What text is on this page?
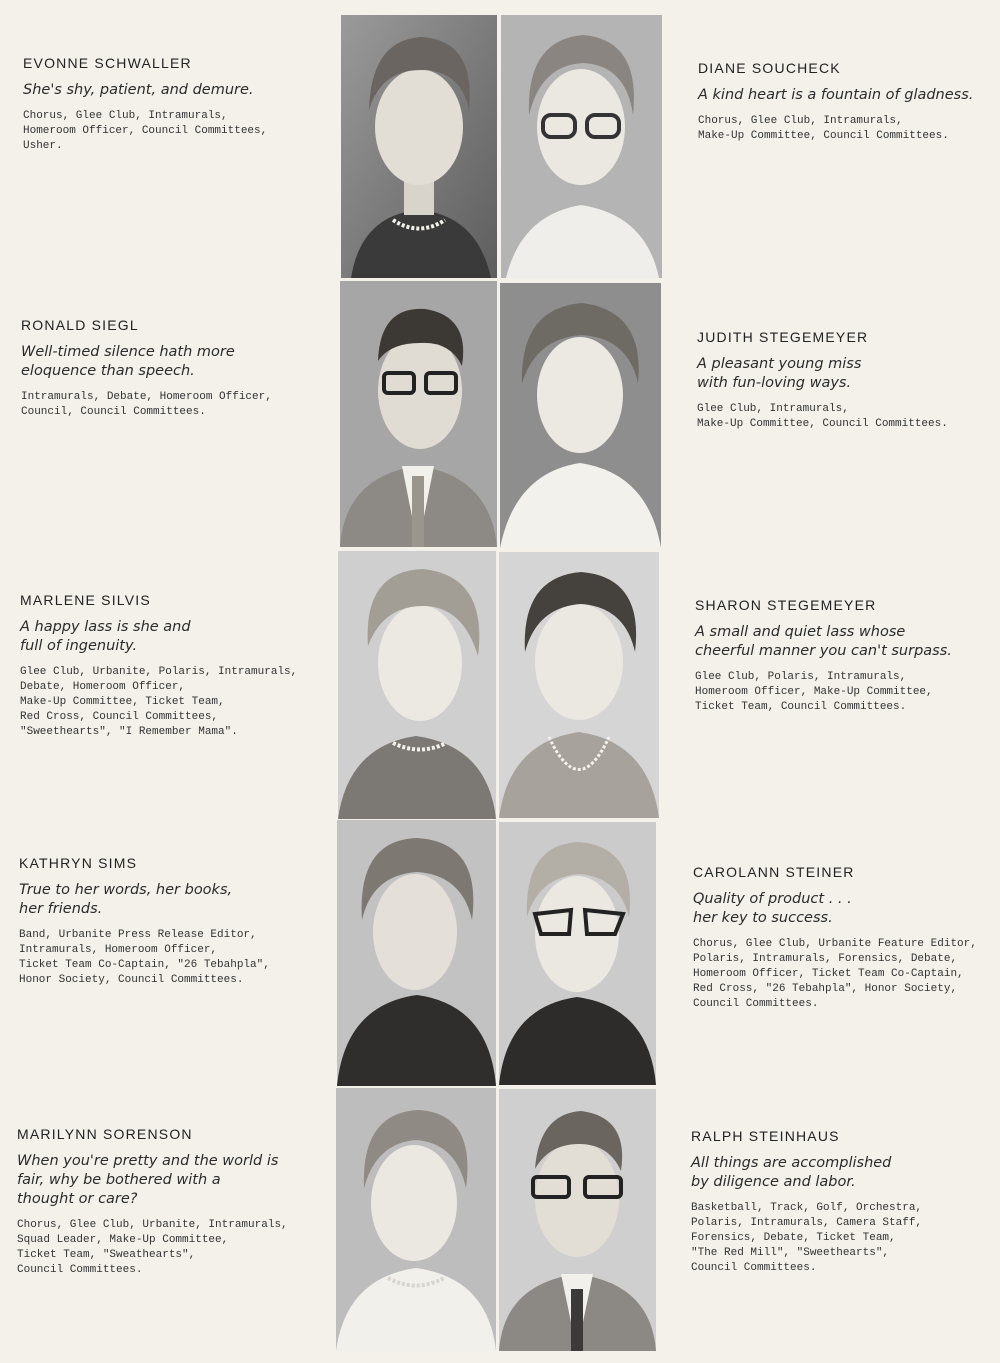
EVONNE SCHWALLER

She's shy, patient, and demure.

Chorus, Glee Club, Intramurals,
Homeroom Officer, Council Committees,
Usher.

DIANE SOUCHECK

A kind heart is a fountain of gladness.

Chorus, Glee Club, Intramurals,
Make-Up Committee, Council Committees.

RONALD SIEGL

Well-timed silence hath more
eloquence than speech.

Intramurals, Debate, Homeroom Officer,
Council, Council Committees.

JUDITH STEGEMEYER

A pleasant young miss
with fun-loving ways.

Glee Club, Intramurals,
Make-Up Committee, Council Committees.

MARLENE SILVIS

A happy lass is she and
full of ingenuity.

Glee Club, Urbanite, Polaris, Intramurals,
Debate, Homeroom Officer,
Make-Up Committee, Ticket Team,
Red Cross, Council Committees,
"Sweethearts", "I Remember Mama".

SHARON STEGEMEYER

A small and quiet lass whose
cheerful manner you can't surpass.

Glee Club, Polaris, Intramurals,
Homeroom Officer, Make-Up Committee,
Ticket Team, Council Committees.

KATHRYN SIMS

True to her words, her books,
her friends.

Band, Urbanite Press Release Editor,
Intramurals, Homeroom Officer,
Ticket Team Co-Captain, "26 Tebahpla",
Honor Society, Council Committees.

CAROLANN STEINER

Quality of product . . .
her key to success.

Chorus, Glee Club, Urbanite Feature Editor,
Polaris, Intramurals, Forensics, Debate,
Homeroom Officer, Ticket Team Co-Captain,
Red Cross, "26 Tebahpla", Honor Society,
Council Committees.

MARILYNN SORENSON

When you're pretty and the world is
fair, why be bothered with a
thought or care?

Chorus, Glee Club, Urbanite, Intramurals,
Squad Leader, Make-Up Committee,
Ticket Team, "Sweathearts",
Council Committees.

RALPH STEINHAUS

All things are accomplished
by diligence and labor.

Basketball, Track, Golf, Orchestra,
Polaris, Intramurals, Camera Staff,
Forensics, Debate, Ticket Team,
"The Red Mill", "Sweethearts",
Council Committees.
